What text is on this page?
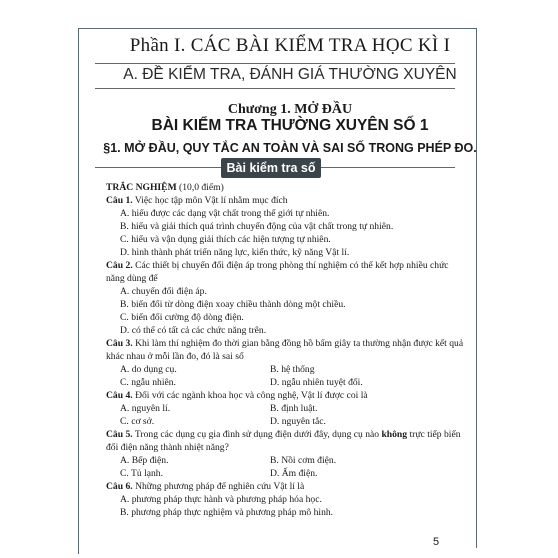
Phần I. CÁC BÀI KIỂM TRA HỌC KÌ I
A. ĐỀ KIỂM TRA, ĐÁNH GIÁ THƯỜNG XUYÊN
Chương 1. MỞ ĐẦU
BÀI KIỂM TRA THƯỜNG XUYÊN SỐ 1
§1. MỞ ĐẦU, QUY TẮC AN TOÀN VÀ SAI SỐ TRONG PHÉP ĐO.
Bài kiểm tra số 1.1
TRẮC NGHIỆM (10,0 điểm)
Câu 1. Việc học tập môn Vật lí nhằm mục đích
A. hiểu được các dạng vật chất trong thế giới tự nhiên.
B. hiểu và giải thích quá trình chuyển động của vật chất trong tự nhiên.
C. hiểu và vận dụng giải thích các hiện tượng tự nhiên.
D. hình thành phát triển năng lực, kiến thức, kỹ năng Vật lí.
Câu 2. Các thiết bị chuyển đổi điện áp trong phòng thí nghiệm có thể kết hợp nhiều chức năng dùng để
A. chuyển đổi điện áp.
B. biến đổi từ dòng điện xoay chiều thành dòng một chiều.
C. biến đổi cường độ dòng điện.
D. có thể có tất cả các chức năng trên.
Câu 3. Khi làm thí nghiệm đo thời gian bằng đồng hồ bấm giây ta thường nhận được kết quả khác nhau ở mỗi lần đo, đó là sai số
A. do dụng cụ.	B. hệ thống
C. ngẫu nhiên.	D. ngẫu nhiên tuyệt đối.
Câu 4. Đối với các ngành khoa học và công nghệ, Vật lí được coi là
A. nguyên lí.	B. định luật.
C. cơ sở.	D. nguyên tắc.
Câu 5. Trong các dụng cụ gia đình sử dụng điện dưới đây, dụng cụ nào không trực tiếp biến đổi điện năng thành nhiệt năng?
A. Bếp điện.	B. Nồi cơm điện.
C. Tủ lạnh.	D. Ấm điện.
Câu 6. Những phương pháp để nghiên cứu Vật lí là
A. phương pháp thực hành và phương pháp hóa học.
B. phương pháp thực nghiệm và phương pháp mô hình.
5
